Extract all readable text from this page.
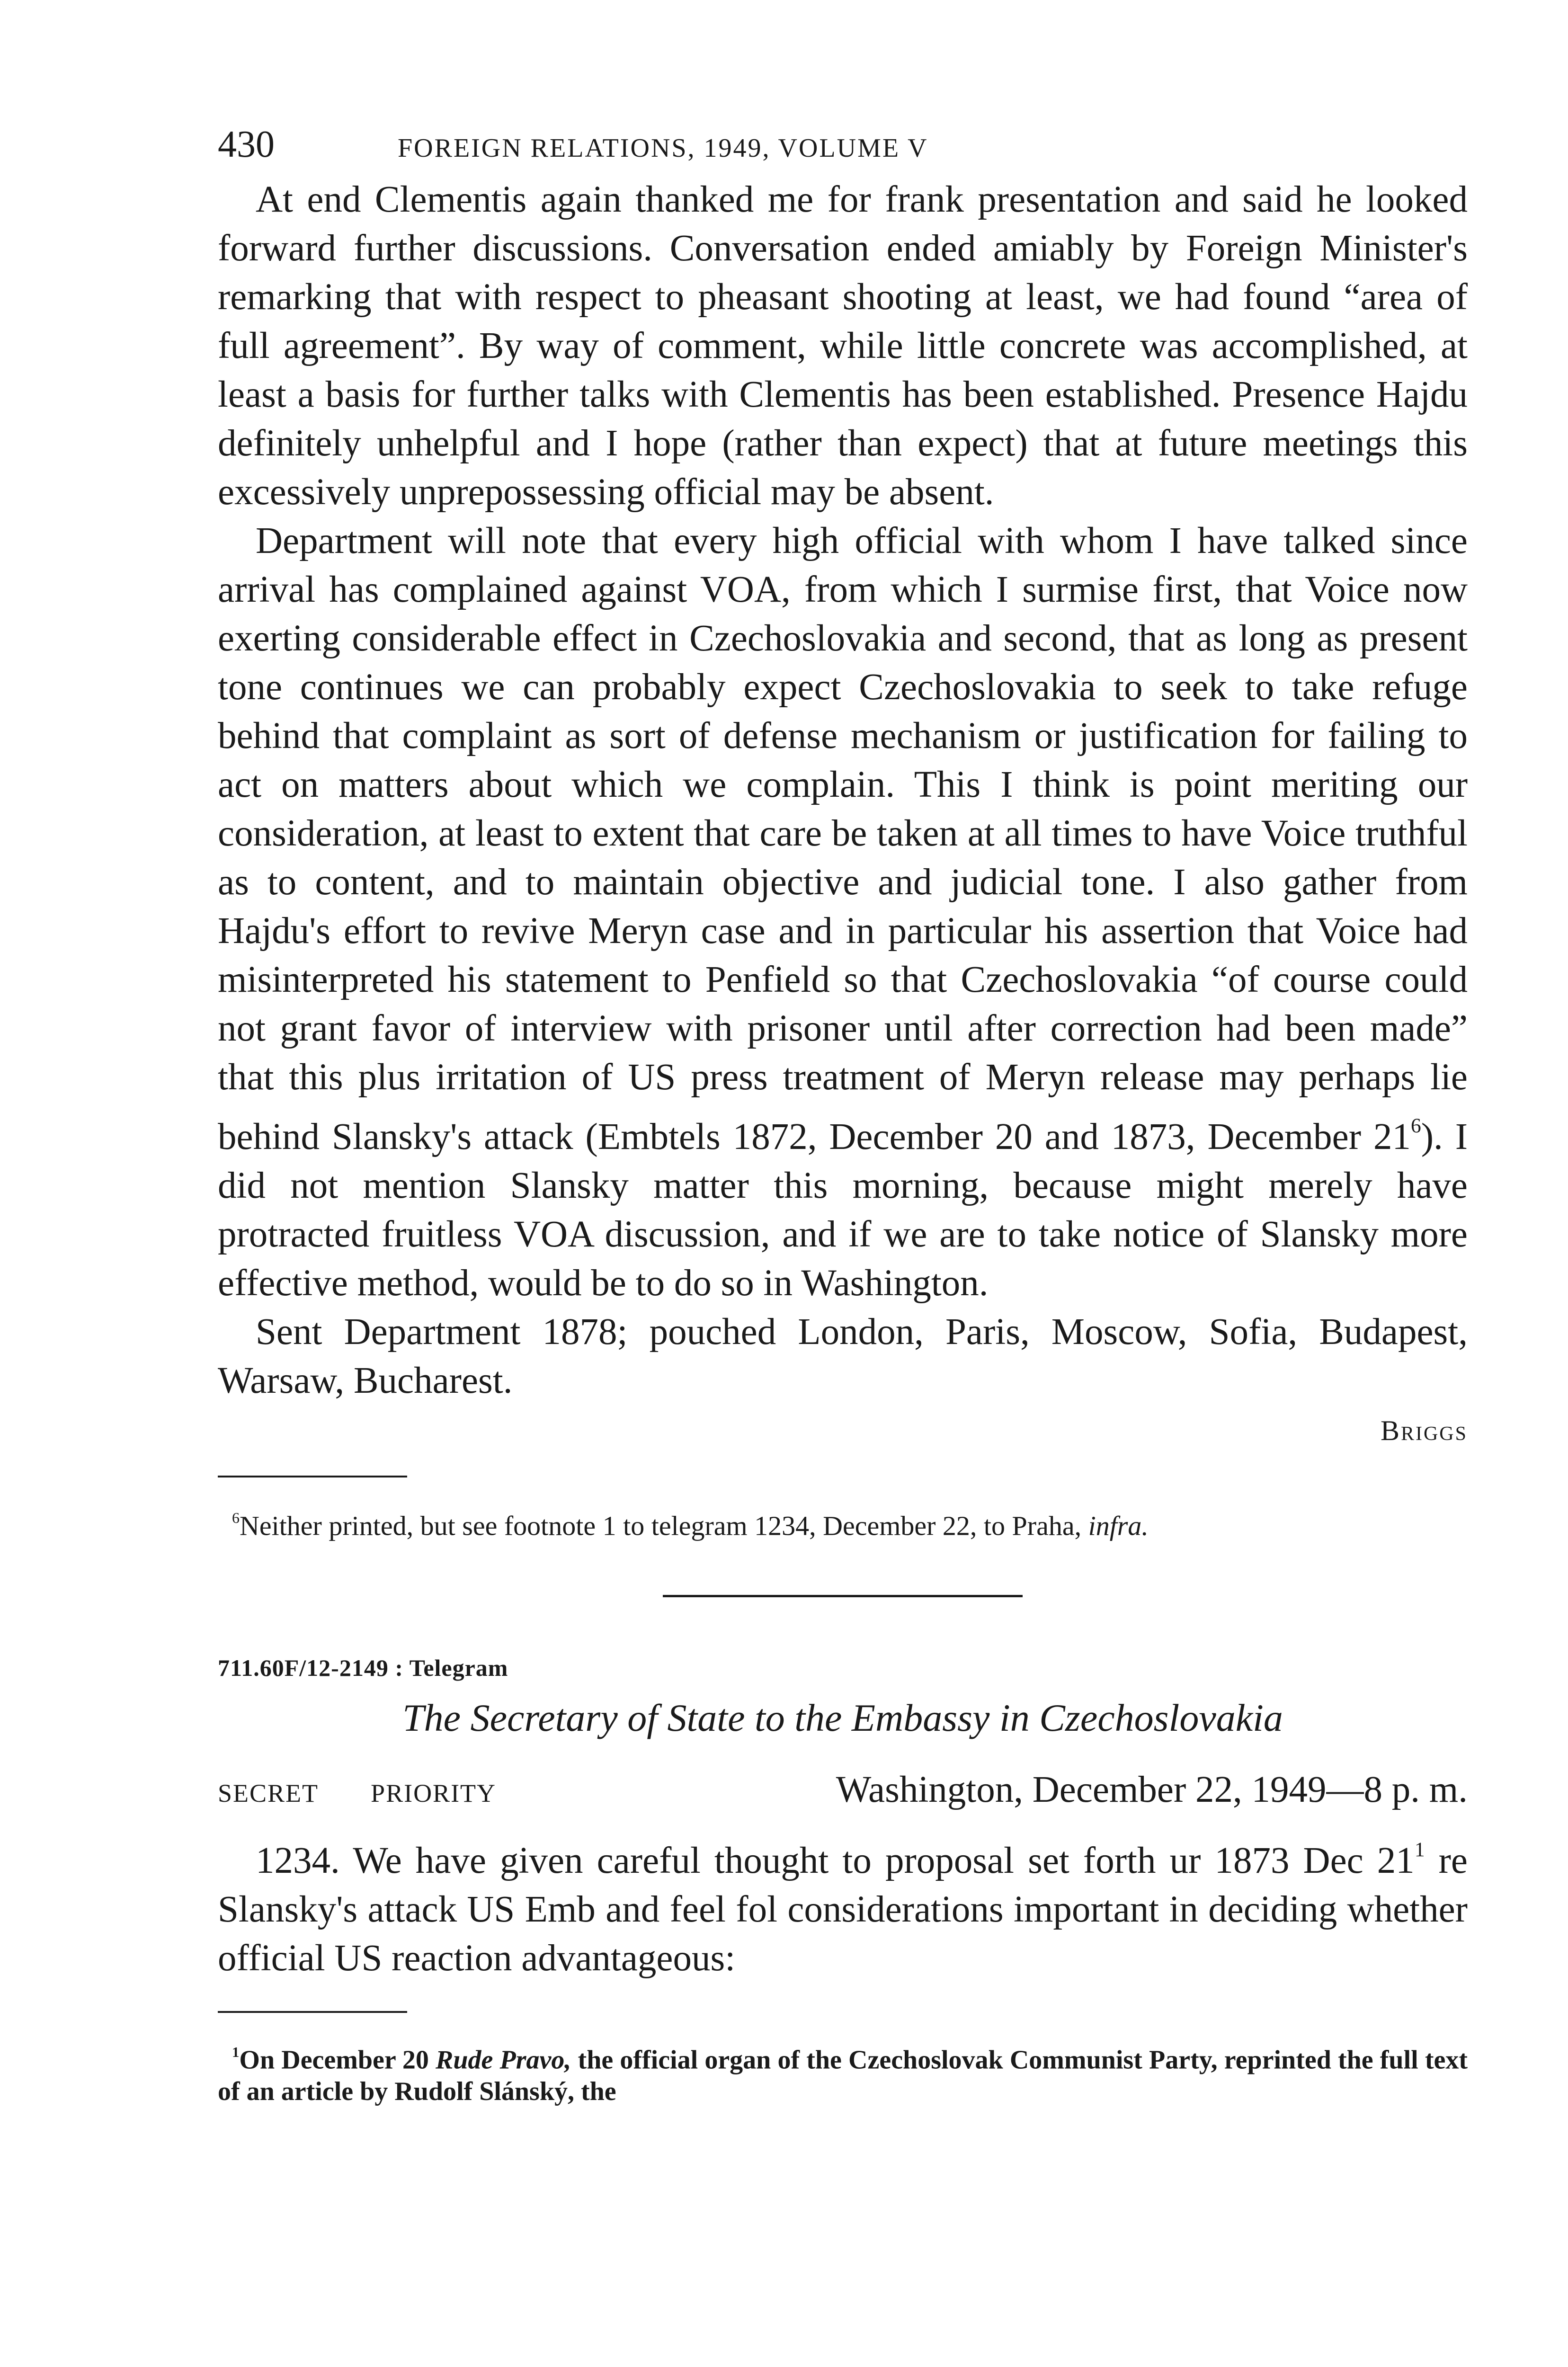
430	FOREIGN RELATIONS, 1949, VOLUME V

At end Clementis again thanked me for frank presentation and said he looked forward further discussions. Conversation ended amiably by Foreign Minister's remarking that with respect to pheasant shooting at least, we had found “area of full agreement”. By way of comment, while little concrete was accomplished, at least a basis for further talks with Clementis has been established. Presence Hajdu definitely unhelpful and I hope (rather than expect) that at future meetings this excessively unprepossessing official may be absent.

Department will note that every high official with whom I have talked since arrival has complained against VOA, from which I surmise first, that Voice now exerting considerable effect in Czechoslovakia and second, that as long as present tone continues we can probably expect Czechoslovakia to seek to take refuge behind that complaint as sort of defense mechanism or justification for failing to act on matters about which we complain. This I think is point meriting our consideration, at least to extent that care be taken at all times to have Voice truthful as to content, and to maintain objective and judicial tone. I also gather from Hajdu's effort to revive Meryn case and in particular his assertion that Voice had misinterpreted his statement to Penfield so that Czechoslovakia “of course could not grant favor of interview with prisoner until after correction had been made” that this plus irritation of US press treatment of Meryn release may perhaps lie behind Slansky's attack (Embtels 1872, December 20 and 1873, December $21^6$). I did not mention Slansky matter this morning, because might merely have protracted fruitless VOA discussion, and if we are to take notice of Slansky more effective method, would be to do so in Washington.

Sent Department 1878; pouched London, Paris, Moscow, Sofia, Budapest, Warsaw, Bucharest.

Briggs

$^6$Neither printed, but see footnote 1 to telegram 1234, December 22, to Praha, infra.

711.60F/12-2149 : Telegram
The Secretary of State to the Embassy in Czechoslovakia
SECRET PRIORITY	Washington, December 22, 1949—8 p. m.

1234. We have given careful thought to proposal set forth ur 1873 Dec $21^1$ re Slansky's attack US Emb and feel fol considerations important in deciding whether official US reaction advantageous:

$^1$On December 20 Rude Pravo, the official organ of the Czechoslovak Communist Party, reprinted the full text of an article by Rudolf Slánský, the
